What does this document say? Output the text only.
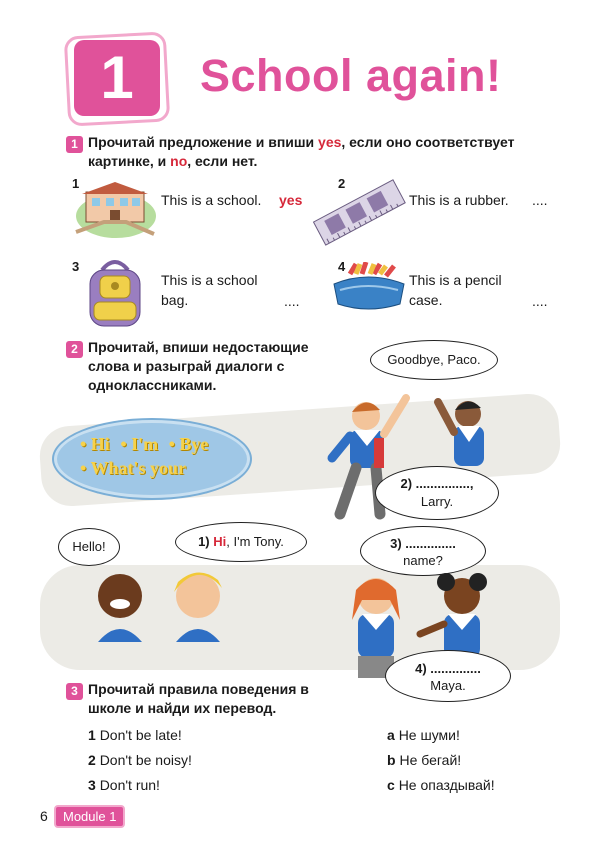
1	School again!
1 Прочитай предложение и впиши yes, если оно соответствует картинке, и no, если нет.
1
This is a school. yes
2
This is a rubber. ....
3
This is a school bag.	....
4
This is a pencil case.	....
2 Прочитай, впиши недостающие слова и разыграй диалоги с одноклассниками.
• Hi • I'm • Bye
• What's your
Goodbye, Paco.
2) ...............,
Larry.
Hello!	1) Hi, I'm Tony.	3) ..............
name?
4) ..............
Maya.
3 Прочитай правила поведения в школе и найди их перевод.
1 Don't be late!
2 Don't be noisy!
3 Don't run!
a Не шуми!
b Не бегай!
c Не опаздывай!
6	Module 1
